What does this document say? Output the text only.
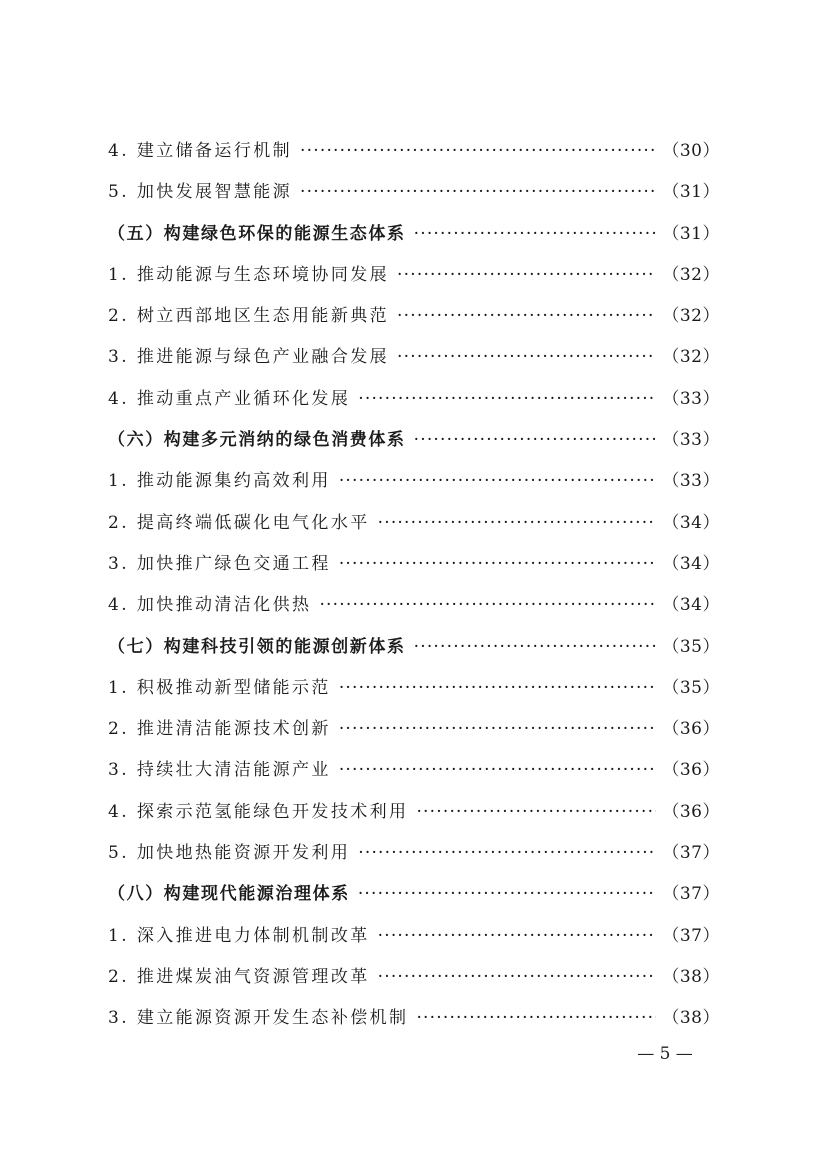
4. 建立储备运行机制 ·····	（30）
5. 加快发展智慧能源 ·····	（31）
（五）构建绿色环保的能源生态体系 ·····	（31）
1. 推动能源与生态环境协同发展 ·····	（32）
2. 树立西部地区生态用能新典范 ·····	（32）
3. 推进能源与绿色产业融合发展 ·····	（32）
4. 推动重点产业循环化发展 ·····	（33）
（六）构建多元消纳的绿色消费体系 ·····	（33）
1. 推动能源集约高效利用 ·····	（33）
2. 提高终端低碳化电气化水平 ·····	（34）
3. 加快推广绿色交通工程 ·····	（34）
4. 加快推动清洁化供热 ·····	（34）
（七）构建科技引领的能源创新体系 ·····	（35）
1. 积极推动新型储能示范 ·····	（35）
2. 推进清洁能源技术创新 ·····	（36）
3. 持续壮大清洁能源产业 ·····	（36）
4. 探索示范氢能绿色开发技术利用 ·····	（36）
5. 加快地热能资源开发利用 ·····	（37）
（八）构建现代能源治理体系 ·····	（37）
1. 深入推进电力体制机制改革 ·····	（37）
2. 推进煤炭油气资源管理改革 ·····	（38）
3. 建立能源资源开发生态补偿机制 ·····	（38）
— 5 —
